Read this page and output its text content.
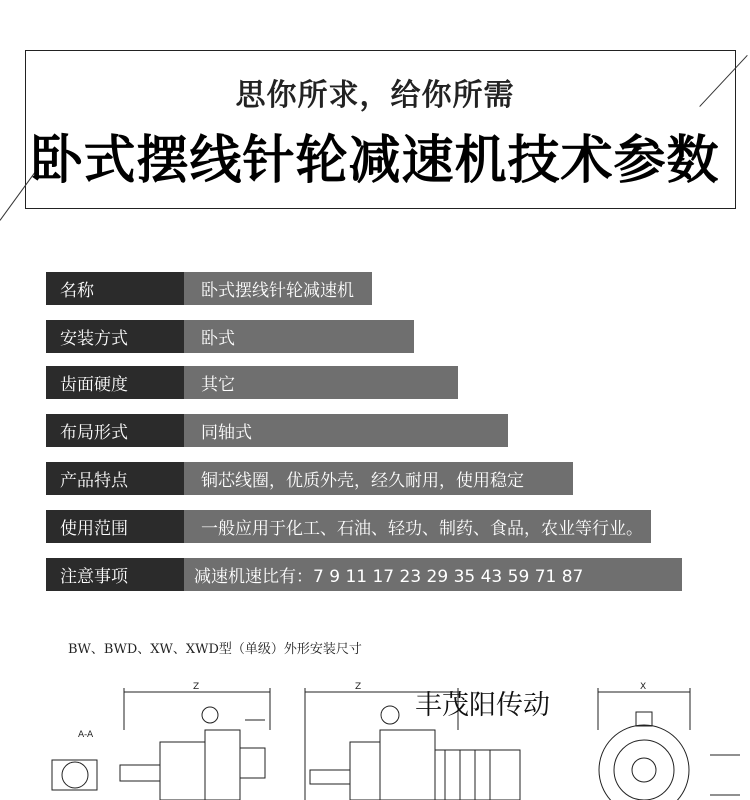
思你所求，给你所需
卧式摆线针轮减速机技术参数
名称	卧式摆线针轮减速机
安装方式	卧式
齿面硬度	其它
布局形式	同轴式
产品特点	铜芯线圈，优质外壳，经久耐用，使用稳定
使用范围	一般应用于化工、石油、轻功、制药、食品，农业等行业。
注意事项	减速机速比有：7 9 11 17 23 29 35 43 59 71 87
BW、BWD、XW、XWD型（单级）外形安装尺寸
Z	Z	X
A-A
丰茂阳传动
